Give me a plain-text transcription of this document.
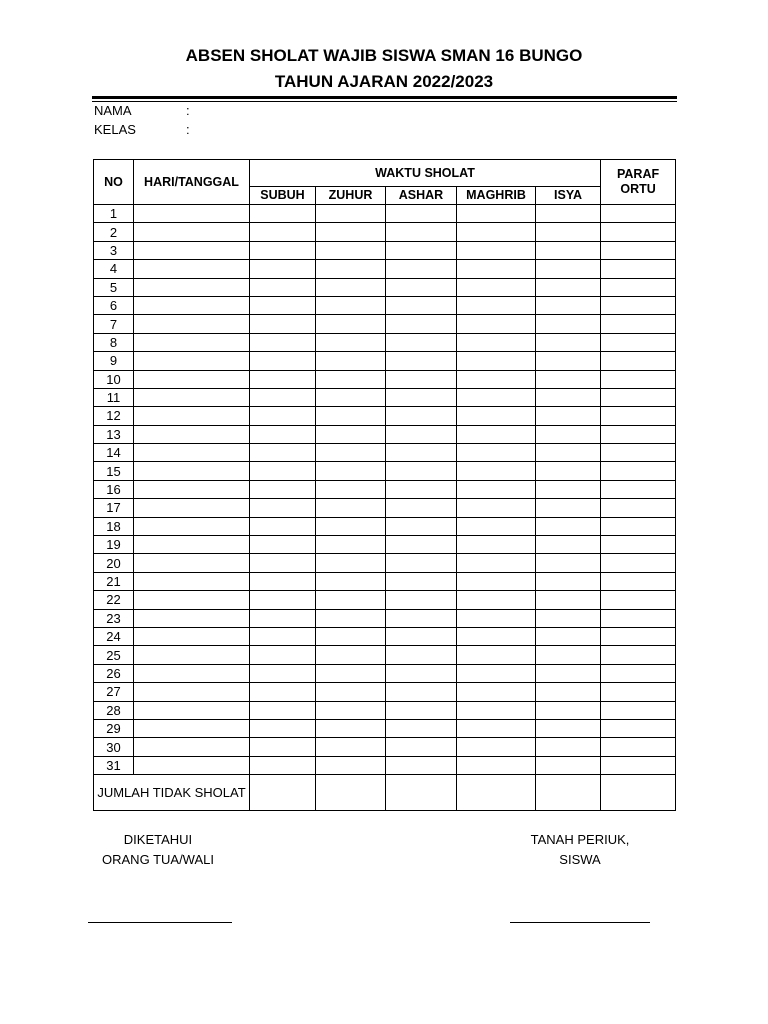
ABSEN SHOLAT WAJIB SISWA SMAN 16 BUNGO
TAHUN AJARAN 2022/2023
NAMA	:
KELAS	:
NO	HARI/TANGGAL	WAKTU SHOLAT					PARAF ORTU
		SUBUH	ZUHUR	ASHAR	MAGHRIB	ISYA	
1							
2							
3							
4							
5							
6							
7							
8							
9							
10							
11							
12							
13							
14							
15							
16							
17							
18							
19							
20							
21							
22							
23							
24							
25							
26							
27							
28							
29							
30							
31							
JUMLAH TIDAK SHOLAT							
DIKETAHUI
ORANG TUA/WALI
TANAH PERIUK,
SISWA
